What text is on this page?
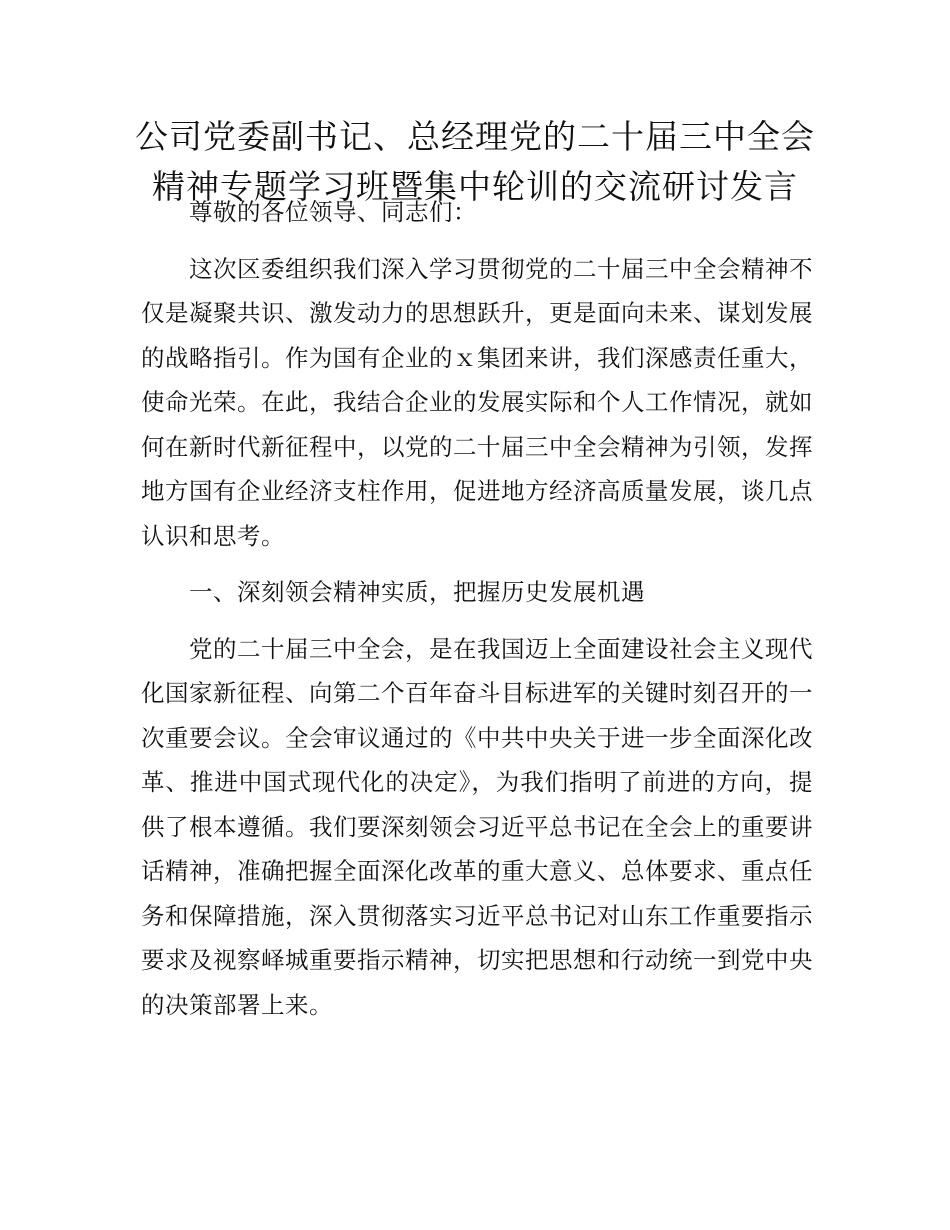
公司党委副书记、总经理党的二十届三中全会
精神专题学习班暨集中轮训的交流研讨发言

尊敬的各位领导、同志们：

这次区委组织我们深入学习贯彻党的二十届三中全会精神不仅是凝聚共识、激发动力的思想跃升，更是面向未来、谋划发展的战略指引。作为国有企业的ｘ集团来讲，我们深感责任重大，使命光荣。在此，我结合企业的发展实际和个人工作情况，就如何在新时代新征程中，以党的二十届三中全会精神为引领，发挥地方国有企业经济支柱作用，促进地方经济高质量发展，谈几点认识和思考。

一、深刻领会精神实质，把握历史发展机遇

党的二十届三中全会，是在我国迈上全面建设社会主义现代化国家新征程、向第二个百年奋斗目标进军的关键时刻召开的一次重要会议。全会审议通过的《中共中央关于进一步全面深化改革、推进中国式现代化的决定》，为我们指明了前进的方向，提供了根本遵循。我们要深刻领会习近平总书记在全会上的重要讲话精神，准确把握全面深化改革的重大意义、总体要求、重点任务和保障措施，深入贯彻落实习近平总书记对山东工作重要指示要求及视察峄城重要指示精神，切实把思想和行动统一到党中央的决策部署上来。
